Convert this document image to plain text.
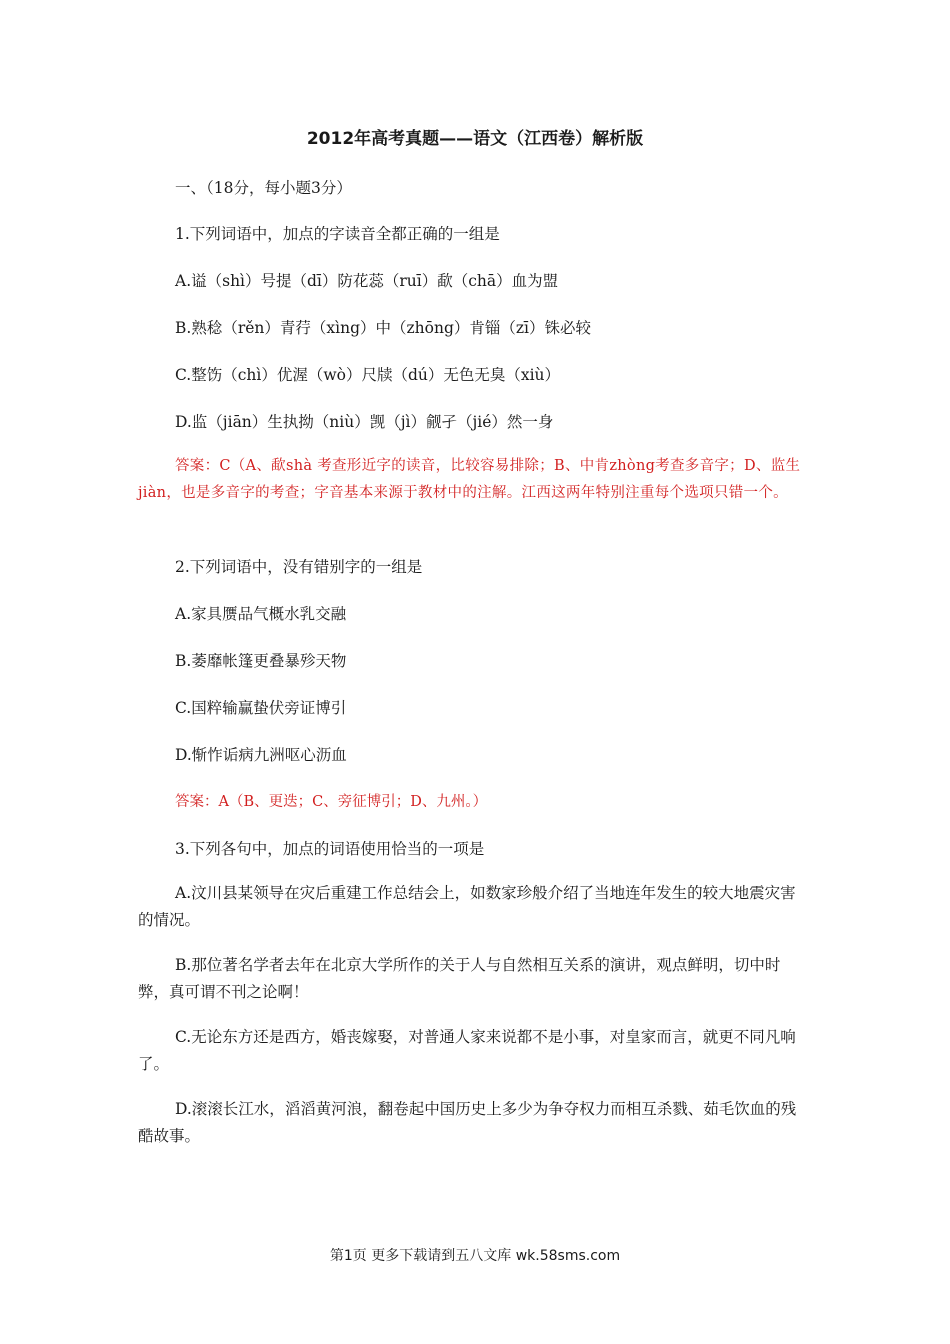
2012年高考真题——语文（江西卷）解析版
一、（18分，每小题3分）
1.下列词语中，加点的字读音全都正确的一组是
A.谥（shì）号提（dī）防花蕊（ruī）歃（chā）血为盟
B.熟稔（rěn）青荇（xìng）中（zhōng）肯锱（zī）铢必较
C.整饬（chì）优渥（wò）尺牍（dú）无色无臭（xiù）
D.监（jiān）生执拗（niù）觊（jì）觎孑（jié）然一身
答案：C（A、歃shà 考查形近字的读音，比较容易排除；B、中肯zhòng考查多音字；D、监生jiàn，也是多音字的考查；字音基本来源于教材中的注解。江西这两年特别注重每个选项只错一个。
2.下列词语中，没有错别字的一组是
A.家具赝品气概水乳交融
B.萎靡帐篷更叠暴殄天物
C.国粹输赢蛰伏旁证博引
D.惭怍诟病九洲呕心沥血
答案：A（B、更迭；C、旁征博引；D、九州。）
3.下列各句中，加点的词语使用恰当的一项是
A.汶川县某领导在灾后重建工作总结会上，如数家珍般介绍了当地连年发生的较大地震灾害的情况。
B.那位著名学者去年在北京大学所作的关于人与自然相互关系的演讲，观点鲜明，切中时弊，真可谓不刊之论啊！
C.无论东方还是西方，婚丧嫁娶，对普通人家来说都不是小事，对皇家而言，就更不同凡响了。
D.滚滚长江水，滔滔黄河浪，翻卷起中国历史上多少为争夺权力而相互杀戮、茹毛饮血的残酷故事。
第1页 更多下载请到五八文库 wk.58sms.com
